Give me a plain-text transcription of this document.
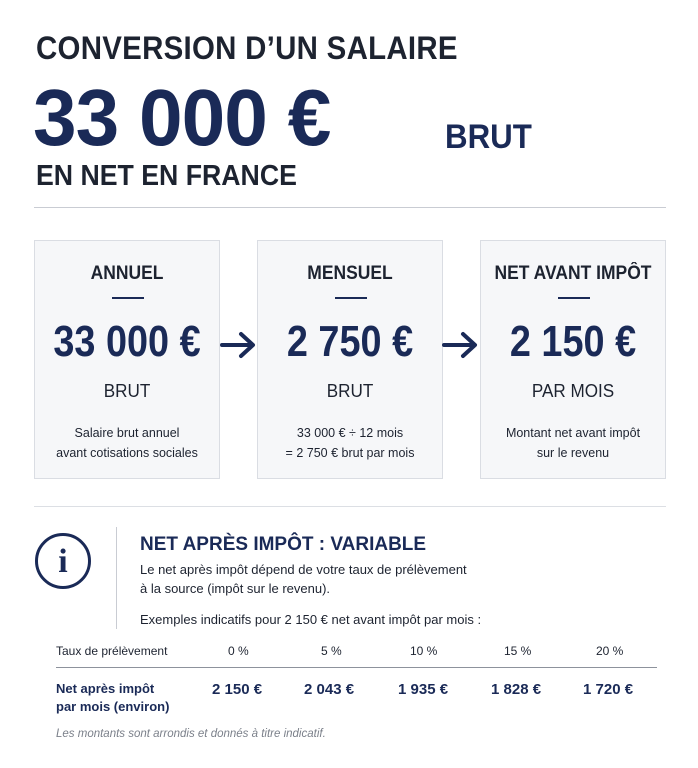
CONVERSION D’UN SALAIRE
33 000 €	BRUT
EN NET EN FRANCE
ANNUEL
33 000 €
BRUT
Salaire brut annuel
avant cotisations sociales
MENSUEL
2 750 €
BRUT
33 000 € ÷ 12 mois
= 2 750 € brut par mois
NET AVANT IMPÔT
2 150 €
PAR MOIS
Montant net avant impôt
sur le revenu
i	NET APRÈS IMPÔT : VARIABLE
Le net après impôt dépend de votre taux de prélèvement
à la source (impôt sur le revenu).
Exemples indicatifs pour 2 150 € net avant impôt par mois :
Taux de prélèvement	0 %	5 %	10 %	15 %	20 %
Net après impôt
par mois (environ)
2 150 €	2 043 €	1 935 €	1 828 €	1 720 €
Les montants sont arrondis et donnés à titre indicatif.
